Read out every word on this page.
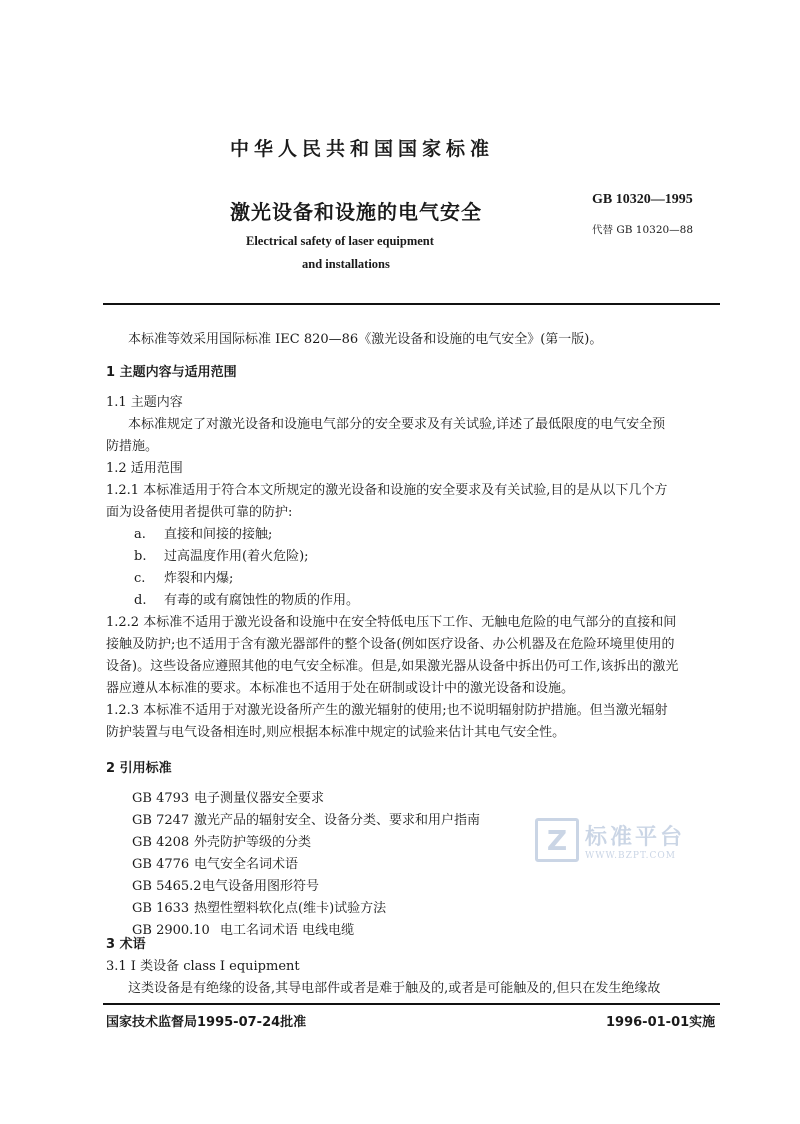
中华人民共和国国家标准
激光设备和设施的电气安全
GB 10320—1995
代替 GB 10320—88
Electrical safety of laser equipment
and installations
本标准等效采用国际标准 IEC 820—86《激光设备和设施的电气安全》(第一版)。
1 主题内容与适用范围
1.1 主题内容
本标准规定了对激光设备和设施电气部分的安全要求及有关试验,详述了最低限度的电气安全预
防措施。
1.2 适用范围
1.2.1 本标准适用于符合本文所规定的激光设备和设施的安全要求及有关试验,目的是从以下几个方
面为设备使用者提供可靠的防护:
a. 直接和间接的接触;
b. 过高温度作用(着火危险);
c. 炸裂和内爆;
d. 有毒的或有腐蚀性的物质的作用。
1.2.2 本标准不适用于激光设备和设施中在安全特低电压下工作、无触电危险的电气部分的直接和间
接触及防护;也不适用于含有激光器部件的整个设备(例如医疗设备、办公机器及在危险环境里使用的
设备)。这些设备应遵照其他的电气安全标准。但是,如果激光器从设备中拆出仍可工作,该拆出的激光
器应遵从本标准的要求。本标准也不适用于处在研制或设计中的激光设备和设施。
1.2.3 本标准不适用于对激光设备所产生的激光辐射的使用;也不说明辐射防护措施。但当激光辐射
防护装置与电气设备相连时,则应根据本标准中规定的试验来估计其电气安全性。
2 引用标准
GB 4793 电子测量仪器安全要求
GB 7247 激光产品的辐射安全、设备分类、要求和用户指南
GB 4208 外壳防护等级的分类
GB 4776 电气安全名词术语
GB 5465.2电气设备用图形符号
GB 1633 热塑性塑料软化点(维卡)试验方法
GB 2900.10 电工名词术语 电线电缆
Z 标准平台
WWW.BZPT.COM
3 术语
3.1 I 类设备 class I equipment
这类设备是有绝缘的设备,其导电部件或者是难于触及的,或者是可能触及的,但只在发生绝缘故
国家技术监督局1995-07-24批准	1996-01-01实施
